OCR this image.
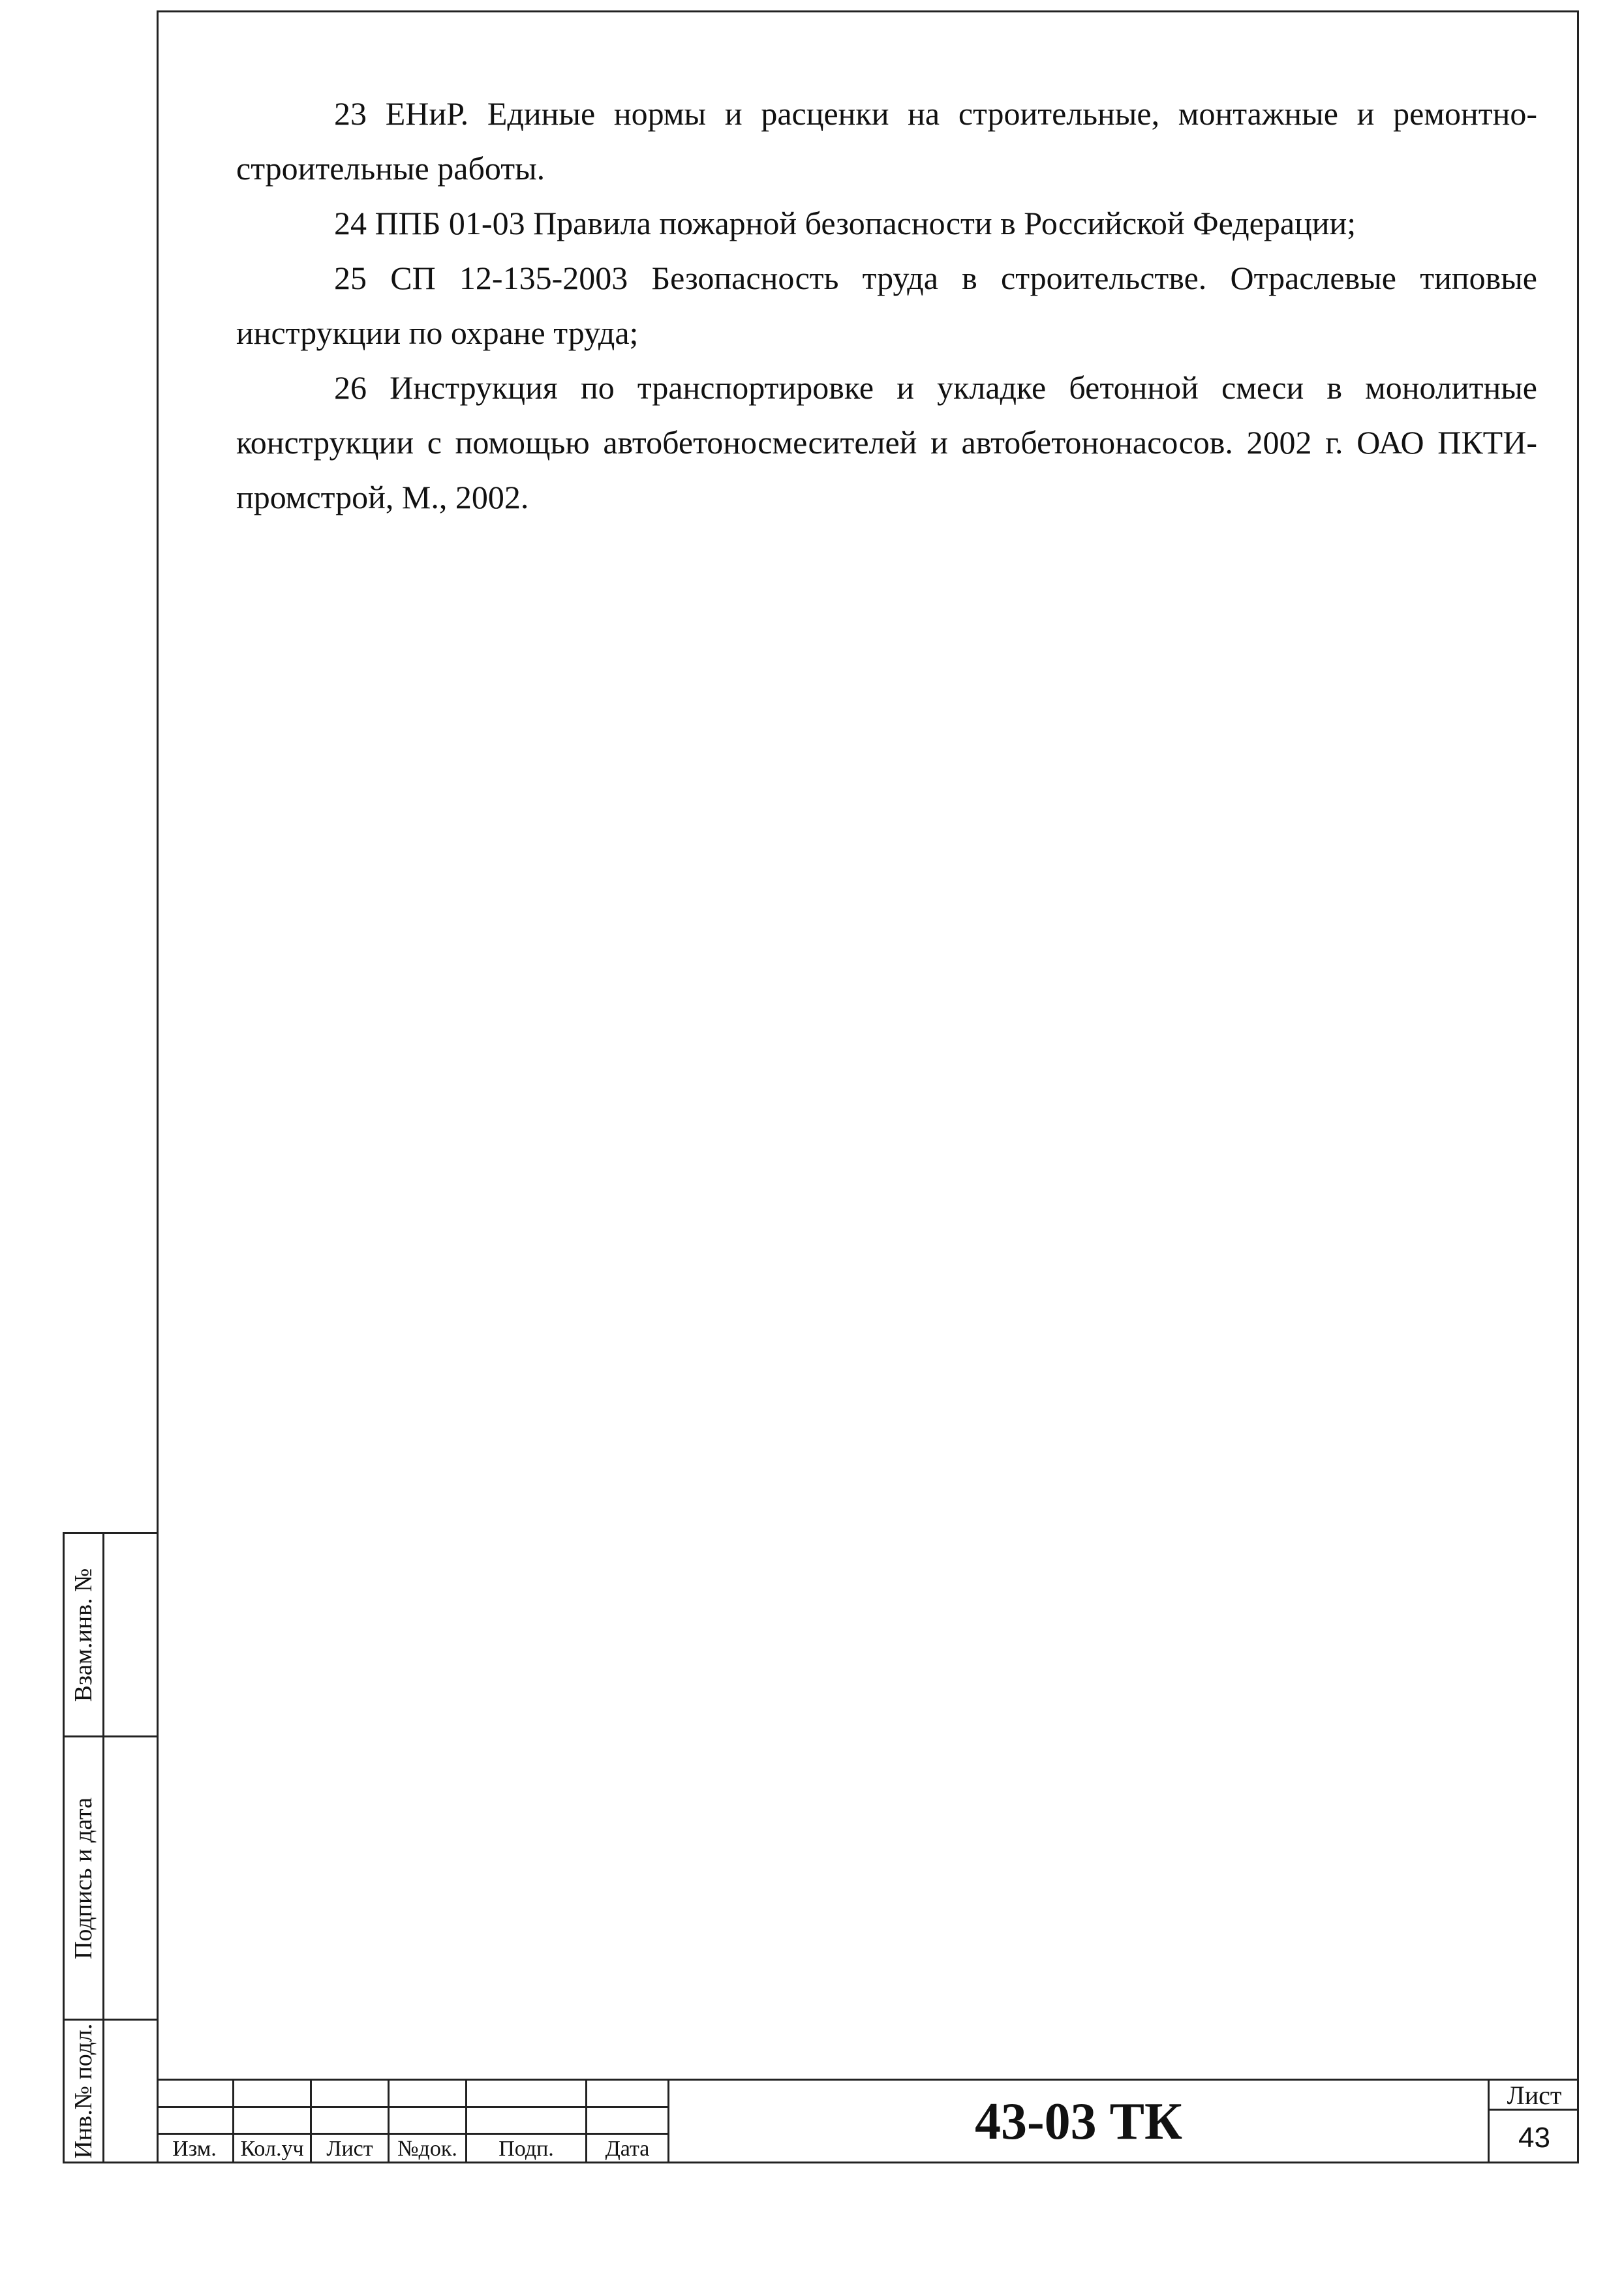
23 ЕНиР. Единые нормы и расценки на строительные, монтажные и ремонтно-строительные работы.

24 ППБ 01-03 Правила пожарной безопасности в Российской Федерации;

25 СП 12-135-2003 Безопасность труда в строительстве. Отраслевые типовые инструкции по охране труда;

26 Инструкция по транспортировке и укладке бетонной смеси в монолитные конструкции с помощью автобетоносмесителей и автобетононасосов. 2002 г. ОАО ПКТИ-промстрой, М., 2002.

Взам.инв. №
Подпись и дата
Инв.№ подл.	Изм.	Кол.уч	Лист	№док.	Подп.	Дата	43-03 ТК	Лист
43
